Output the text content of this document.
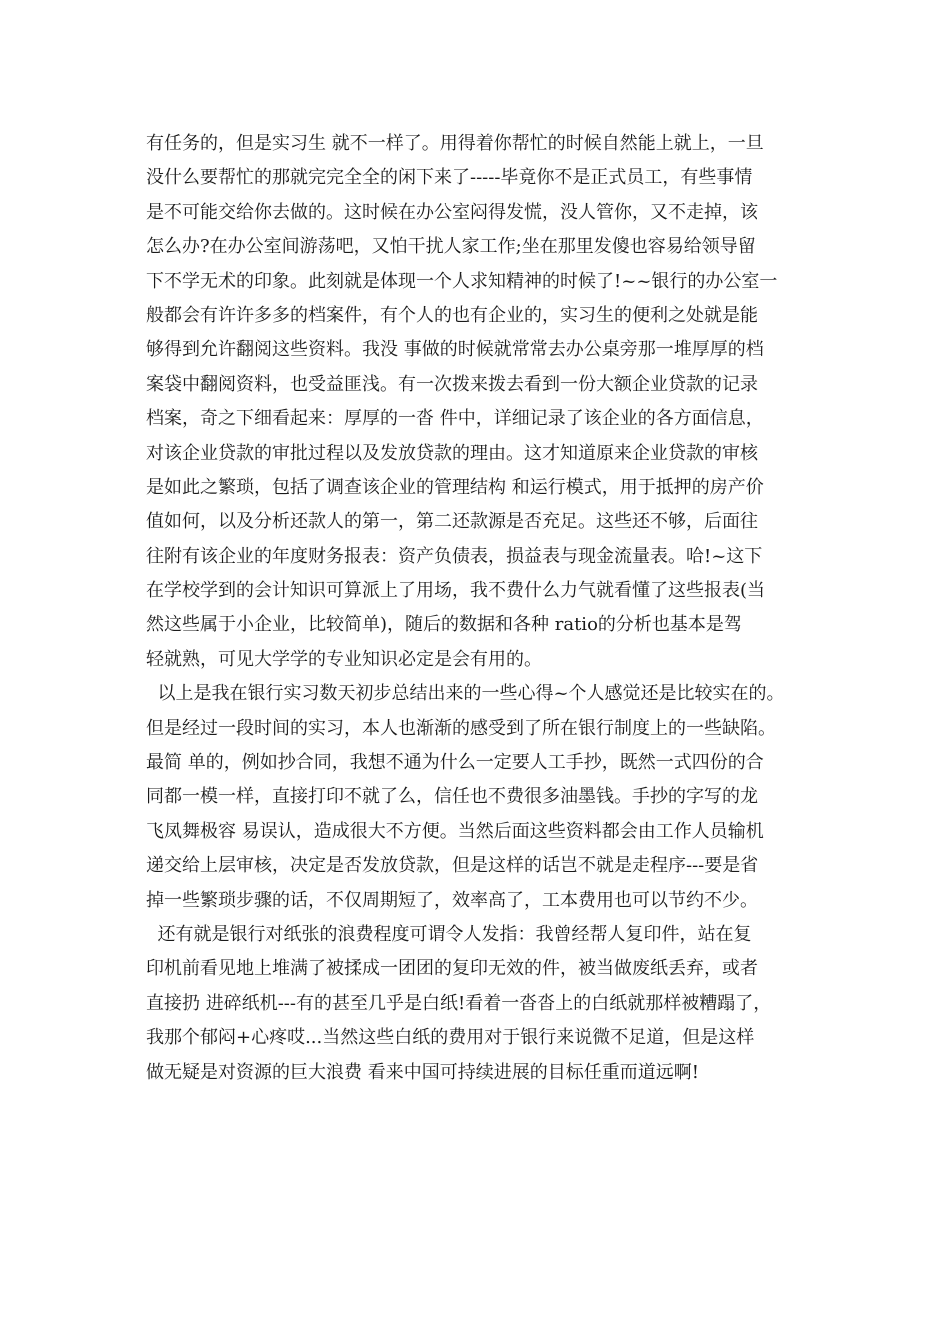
有任务的，但是实习生 就不一样了。用得着你帮忙的时候自然能上就上，一旦
没什么要帮忙的那就完完全全的闲下来了-----毕竟你不是正式员工，有些事情
是不可能交给你去做的。这时候在办公室闷得发慌，没人管你，又不走掉，该
怎么办?在办公室间游荡吧，又怕干扰人家工作;坐在那里发傻也容易给领导留
下不学无术的印象。此刻就是体现一个人求知精神的时候了!~~银行的办公室一
般都会有许许多多的档案件，有个人的也有企业的，实习生的便利之处就是能
够得到允许翻阅这些资料。我没 事做的时候就常常去办公桌旁那一堆厚厚的档
案袋中翻阅资料，也受益匪浅。有一次拨来拨去看到一份大额企业贷款的记录
档案，奇之下细看起来：厚厚的一沓 件中，详细记录了该企业的各方面信息，
对该企业贷款的审批过程以及发放贷款的理由。这才知道原来企业贷款的审核
是如此之繁琐，包括了调查该企业的管理结构 和运行模式，用于抵押的房产价
值如何，以及分析还款人的第一，第二还款源是否充足。这些还不够，后面往
往附有该企业的年度财务报表：资产负债表，损益表与现金流量表。哈!~这下
在学校学到的会计知识可算派上了用场，我不费什么力气就看懂了这些报表(当
然这些属于小企业，比较简单)，随后的数据和各种 ratio的分析也基本是驾
轻就熟，可见大学学的专业知识必定是会有用的。
以上是我在银行实习数天初步总结出来的一些心得~个人感觉还是比较实在的。
但是经过一段时间的实习，本人也渐渐的感受到了所在银行制度上的一些缺陷。
最简 单的，例如抄合同，我想不通为什么一定要人工手抄，既然一式四份的合
同都一模一样，直接打印不就了么，信任也不费很多油墨钱。手抄的字写的龙
飞凤舞极容 易误认，造成很大不方便。当然后面这些资料都会由工作人员输机
递交给上层审核，决定是否发放贷款，但是这样的话岂不就是走程序---要是省
掉一些繁琐步骤的话，不仅周期短了，效率高了，工本费用也可以节约不少。
还有就是银行对纸张的浪费程度可谓令人发指：我曾经帮人复印件，站在复
印机前看见地上堆满了被揉成一团团的复印无效的件，被当做废纸丢弃，或者
直接扔 进碎纸机---有的甚至几乎是白纸!看着一沓沓上的白纸就那样被糟蹋了，
我那个郁闷+心疼哎...当然这些白纸的费用对于银行来说微不足道，但是这样
做无疑是对资源的巨大浪费 看来中国可持续进展的目标任重而道远啊!
